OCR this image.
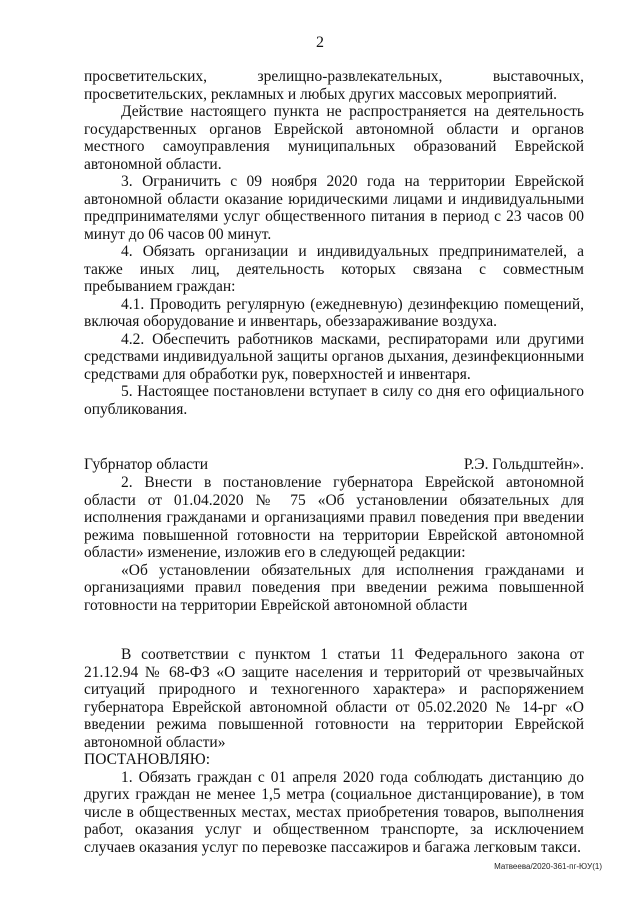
2

просветительских, зрелищно-развлекательных, выставочных,

просветительских, рекламных и любых других массовых мероприятий.

Действие настоящего пункта не распространяется на деятельность государственных органов Еврейской автономной области и органов местного самоуправления муниципальных образований Еврейской автономной области.

3. Ограничить с 09 ноября 2020 года на территории Еврейской автономной области оказание юридическими лицами и индивидуальными предпринимателями услуг общественного питания в период с 23 часов 00 минут до 06 часов 00 минут.

4. Обязать организации и индивидуальных предпринимателей, а также иных лиц, деятельность которых связана с совместным пребыванием граждан:

4.1. Проводить регулярную (ежедневную) дезинфекцию помещений, включая оборудование и инвентарь, обеззараживание воздуха.

4.2. Обеспечить работников масками, респираторами или другими средствами индивидуальной защиты органов дыхания, дезинфекционными средствами для обработки рук, поверхностей и инвентаря.

5. Настоящее постановлени вступает в силу со дня его официального опубликования.

Губрнатор области	Р.Э. Гольдштейн».

2. Внести в постановление губернатора Еврейской автономной области от 01.04.2020 № 75 «Об установлении обязательных для исполнения гражданами и организациями правил поведения при введении режима повышенной готовности на территории Еврейской автономной области» изменение, изложив его в следующей редакции:

«Об установлении обязательных для исполнения гражданами и организациями правил поведения при введении режима повышенной готовности на территории Еврейской автономной области

В соответствии с пунктом 1 статьи 11 Федерального закона от 21.12.94 № 68-ФЗ «О защите населения и территорий от чрезвычайных ситуаций природного и техногенного характера» и распоряжением губернатора Еврейской автономной области от 05.02.2020 № 14-рг «О введении режима повышенной готовности на территории Еврейской автономной области»

ПОСТАНОВЛЯЮ:

1. Обязать граждан с 01 апреля 2020 года соблюдать дистанцию до других граждан не менее 1,5 метра (социальное дистанцирование), в том числе в общественных местах, местах приобретения товаров, выполнения работ, оказания услуг и общественном транспорте, за исключением случаев оказания услуг по перевозке пассажиров и багажа легковым такси.

Матвеева/2020-361-пг-ЮУ(1)
